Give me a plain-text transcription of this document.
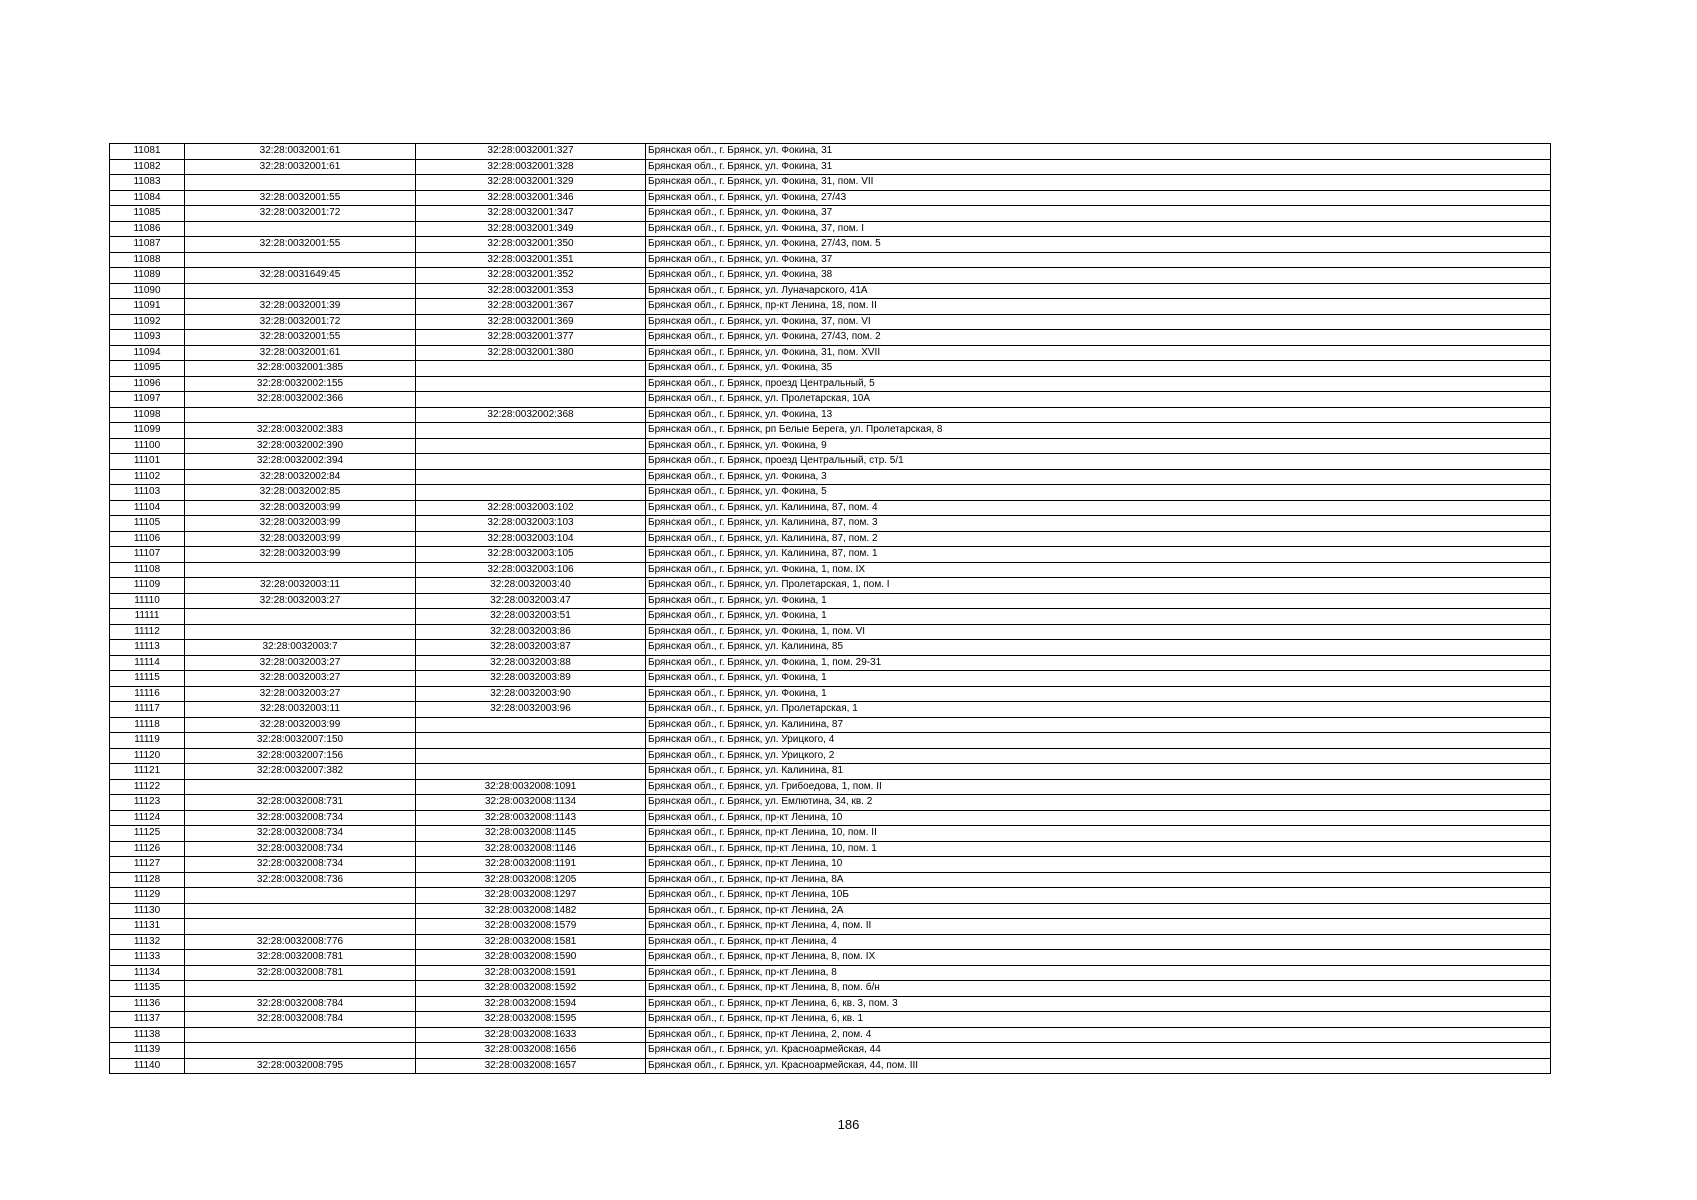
11081	32:28:0032001:61	32:28:0032001:327	Брянская обл., г. Брянск, ул. Фокина, 31
11082	32:28:0032001:61	32:28:0032001:328	Брянская обл., г. Брянск, ул. Фокина, 31
11083		32:28:0032001:329	Брянская обл., г. Брянск, ул. Фокина, 31, пом. VII
11084	32:28:0032001:55	32:28:0032001:346	Брянская обл., г. Брянск, ул. Фокина, 27/43
11085	32:28:0032001:72	32:28:0032001:347	Брянская обл., г. Брянск, ул. Фокина, 37
11086		32:28:0032001:349	Брянская обл., г. Брянск, ул. Фокина, 37, пом. I
11087	32:28:0032001:55	32:28:0032001:350	Брянская обл., г. Брянск, ул. Фокина, 27/43, пом. 5
11088		32:28:0032001:351	Брянская обл., г. Брянск, ул. Фокина, 37
11089	32:28:0031649:45	32:28:0032001:352	Брянская обл., г. Брянск, ул. Фокина, 38
11090		32:28:0032001:353	Брянская обл., г. Брянск, ул. Луначарского, 41А
11091	32:28:0032001:39	32:28:0032001:367	Брянская обл., г. Брянск, пр-кт Ленина, 18, пом. II
11092	32:28:0032001:72	32:28:0032001:369	Брянская обл., г. Брянск, ул. Фокина, 37, пом. VI
11093	32:28:0032001:55	32:28:0032001:377	Брянская обл., г. Брянск, ул. Фокина, 27/43, пом. 2
11094	32:28:0032001:61	32:28:0032001:380	Брянская обл., г. Брянск, ул. Фокина, 31, пом. XVII
11095	32:28:0032001:385		Брянская обл., г. Брянск, ул. Фокина, 35
11096	32:28:0032002:155		Брянская обл., г. Брянск, проезд Центральный, 5
11097	32:28:0032002:366		Брянская обл., г. Брянск, ул. Пролетарская, 10А
11098		32:28:0032002:368	Брянская обл., г. Брянск, ул. Фокина, 13
11099	32:28:0032002:383		Брянская обл., г. Брянск, рп Белые Берега, ул. Пролетарская, 8
11100	32:28:0032002:390		Брянская обл., г. Брянск, ул. Фокина, 9
11101	32:28:0032002:394		Брянская обл., г. Брянск, проезд Центральный, стр. 5/1
11102	32:28:0032002:84		Брянская обл., г. Брянск, ул. Фокина, 3
11103	32:28:0032002:85		Брянская обл., г. Брянск, ул. Фокина, 5
11104	32:28:0032003:99	32:28:0032003:102	Брянская обл., г. Брянск, ул. Калинина, 87, пом. 4
11105	32:28:0032003:99	32:28:0032003:103	Брянская обл., г. Брянск, ул. Калинина, 87, пом. 3
11106	32:28:0032003:99	32:28:0032003:104	Брянская обл., г. Брянск, ул. Калинина, 87, пом. 2
11107	32:28:0032003:99	32:28:0032003:105	Брянская обл., г. Брянск, ул. Калинина, 87, пом. 1
11108		32:28:0032003:106	Брянская обл., г. Брянск, ул. Фокина, 1, пом. IX
11109	32:28:0032003:11	32:28:0032003:40	Брянская обл., г. Брянск, ул. Пролетарская, 1, пом. I
11110	32:28:0032003:27	32:28:0032003:47	Брянская обл., г. Брянск, ул. Фокина, 1
11111		32:28:0032003:51	Брянская обл., г. Брянск, ул. Фокина, 1
11112		32:28:0032003:86	Брянская обл., г. Брянск, ул. Фокина, 1, пом. VI
11113	32:28:0032003:7	32:28:0032003:87	Брянская обл., г. Брянск, ул. Калинина, 85
11114	32:28:0032003:27	32:28:0032003:88	Брянская обл., г. Брянск, ул. Фокина, 1, пом. 29-31
11115	32:28:0032003:27	32:28:0032003:89	Брянская обл., г. Брянск, ул. Фокина, 1
11116	32:28:0032003:27	32:28:0032003:90	Брянская обл., г. Брянск, ул. Фокина, 1
11117	32:28:0032003:11	32:28:0032003:96	Брянская обл., г. Брянск, ул. Пролетарская, 1
11118	32:28:0032003:99		Брянская обл., г. Брянск, ул. Калинина, 87
11119	32:28:0032007:150		Брянская обл., г. Брянск, ул. Урицкого, 4
11120	32:28:0032007:156		Брянская обл., г. Брянск, ул. Урицкого, 2
11121	32:28:0032007:382		Брянская обл., г. Брянск, ул. Калинина, 81
11122		32:28:0032008:1091	Брянская обл., г. Брянск, ул. Грибоедова, 1, пом. II
11123	32:28:0032008:731	32:28:0032008:1134	Брянская обл., г. Брянск, ул. Емлютина, 34, кв. 2
11124	32:28:0032008:734	32:28:0032008:1143	Брянская обл., г. Брянск, пр-кт Ленина, 10
11125	32:28:0032008:734	32:28:0032008:1145	Брянская обл., г. Брянск, пр-кт Ленина, 10, пом. II
11126	32:28:0032008:734	32:28:0032008:1146	Брянская обл., г. Брянск, пр-кт Ленина, 10, пом. 1
11127	32:28:0032008:734	32:28:0032008:1191	Брянская обл., г. Брянск, пр-кт Ленина, 10
11128	32:28:0032008:736	32:28:0032008:1205	Брянская обл., г. Брянск, пр-кт Ленина, 8А
11129		32:28:0032008:1297	Брянская обл., г. Брянск, пр-кт Ленина, 10Б
11130		32:28:0032008:1482	Брянская обл., г. Брянск, пр-кт Ленина, 2А
11131		32:28:0032008:1579	Брянская обл., г. Брянск, пр-кт Ленина, 4, пом. II
11132	32:28:0032008:776	32:28:0032008:1581	Брянская обл., г. Брянск, пр-кт Ленина, 4
11133	32:28:0032008:781	32:28:0032008:1590	Брянская обл., г. Брянск, пр-кт Ленина, 8, пом. IX
11134	32:28:0032008:781	32:28:0032008:1591	Брянская обл., г. Брянск, пр-кт Ленина, 8
11135		32:28:0032008:1592	Брянская обл., г. Брянск, пр-кт Ленина, 8, пом. б/н
11136	32:28:0032008:784	32:28:0032008:1594	Брянская обл., г. Брянск, пр-кт Ленина, 6, кв. 3, пом. 3
11137	32:28:0032008:784	32:28:0032008:1595	Брянская обл., г. Брянск, пр-кт Ленина, 6, кв. 1
11138		32:28:0032008:1633	Брянская обл., г. Брянск, пр-кт Ленина, 2, пом. 4
11139		32:28:0032008:1656	Брянская обл., г. Брянск, ул. Красноармейская, 44
11140	32:28:0032008:795	32:28:0032008:1657	Брянская обл., г. Брянск, ул. Красноармейская, 44, пом. III
186
